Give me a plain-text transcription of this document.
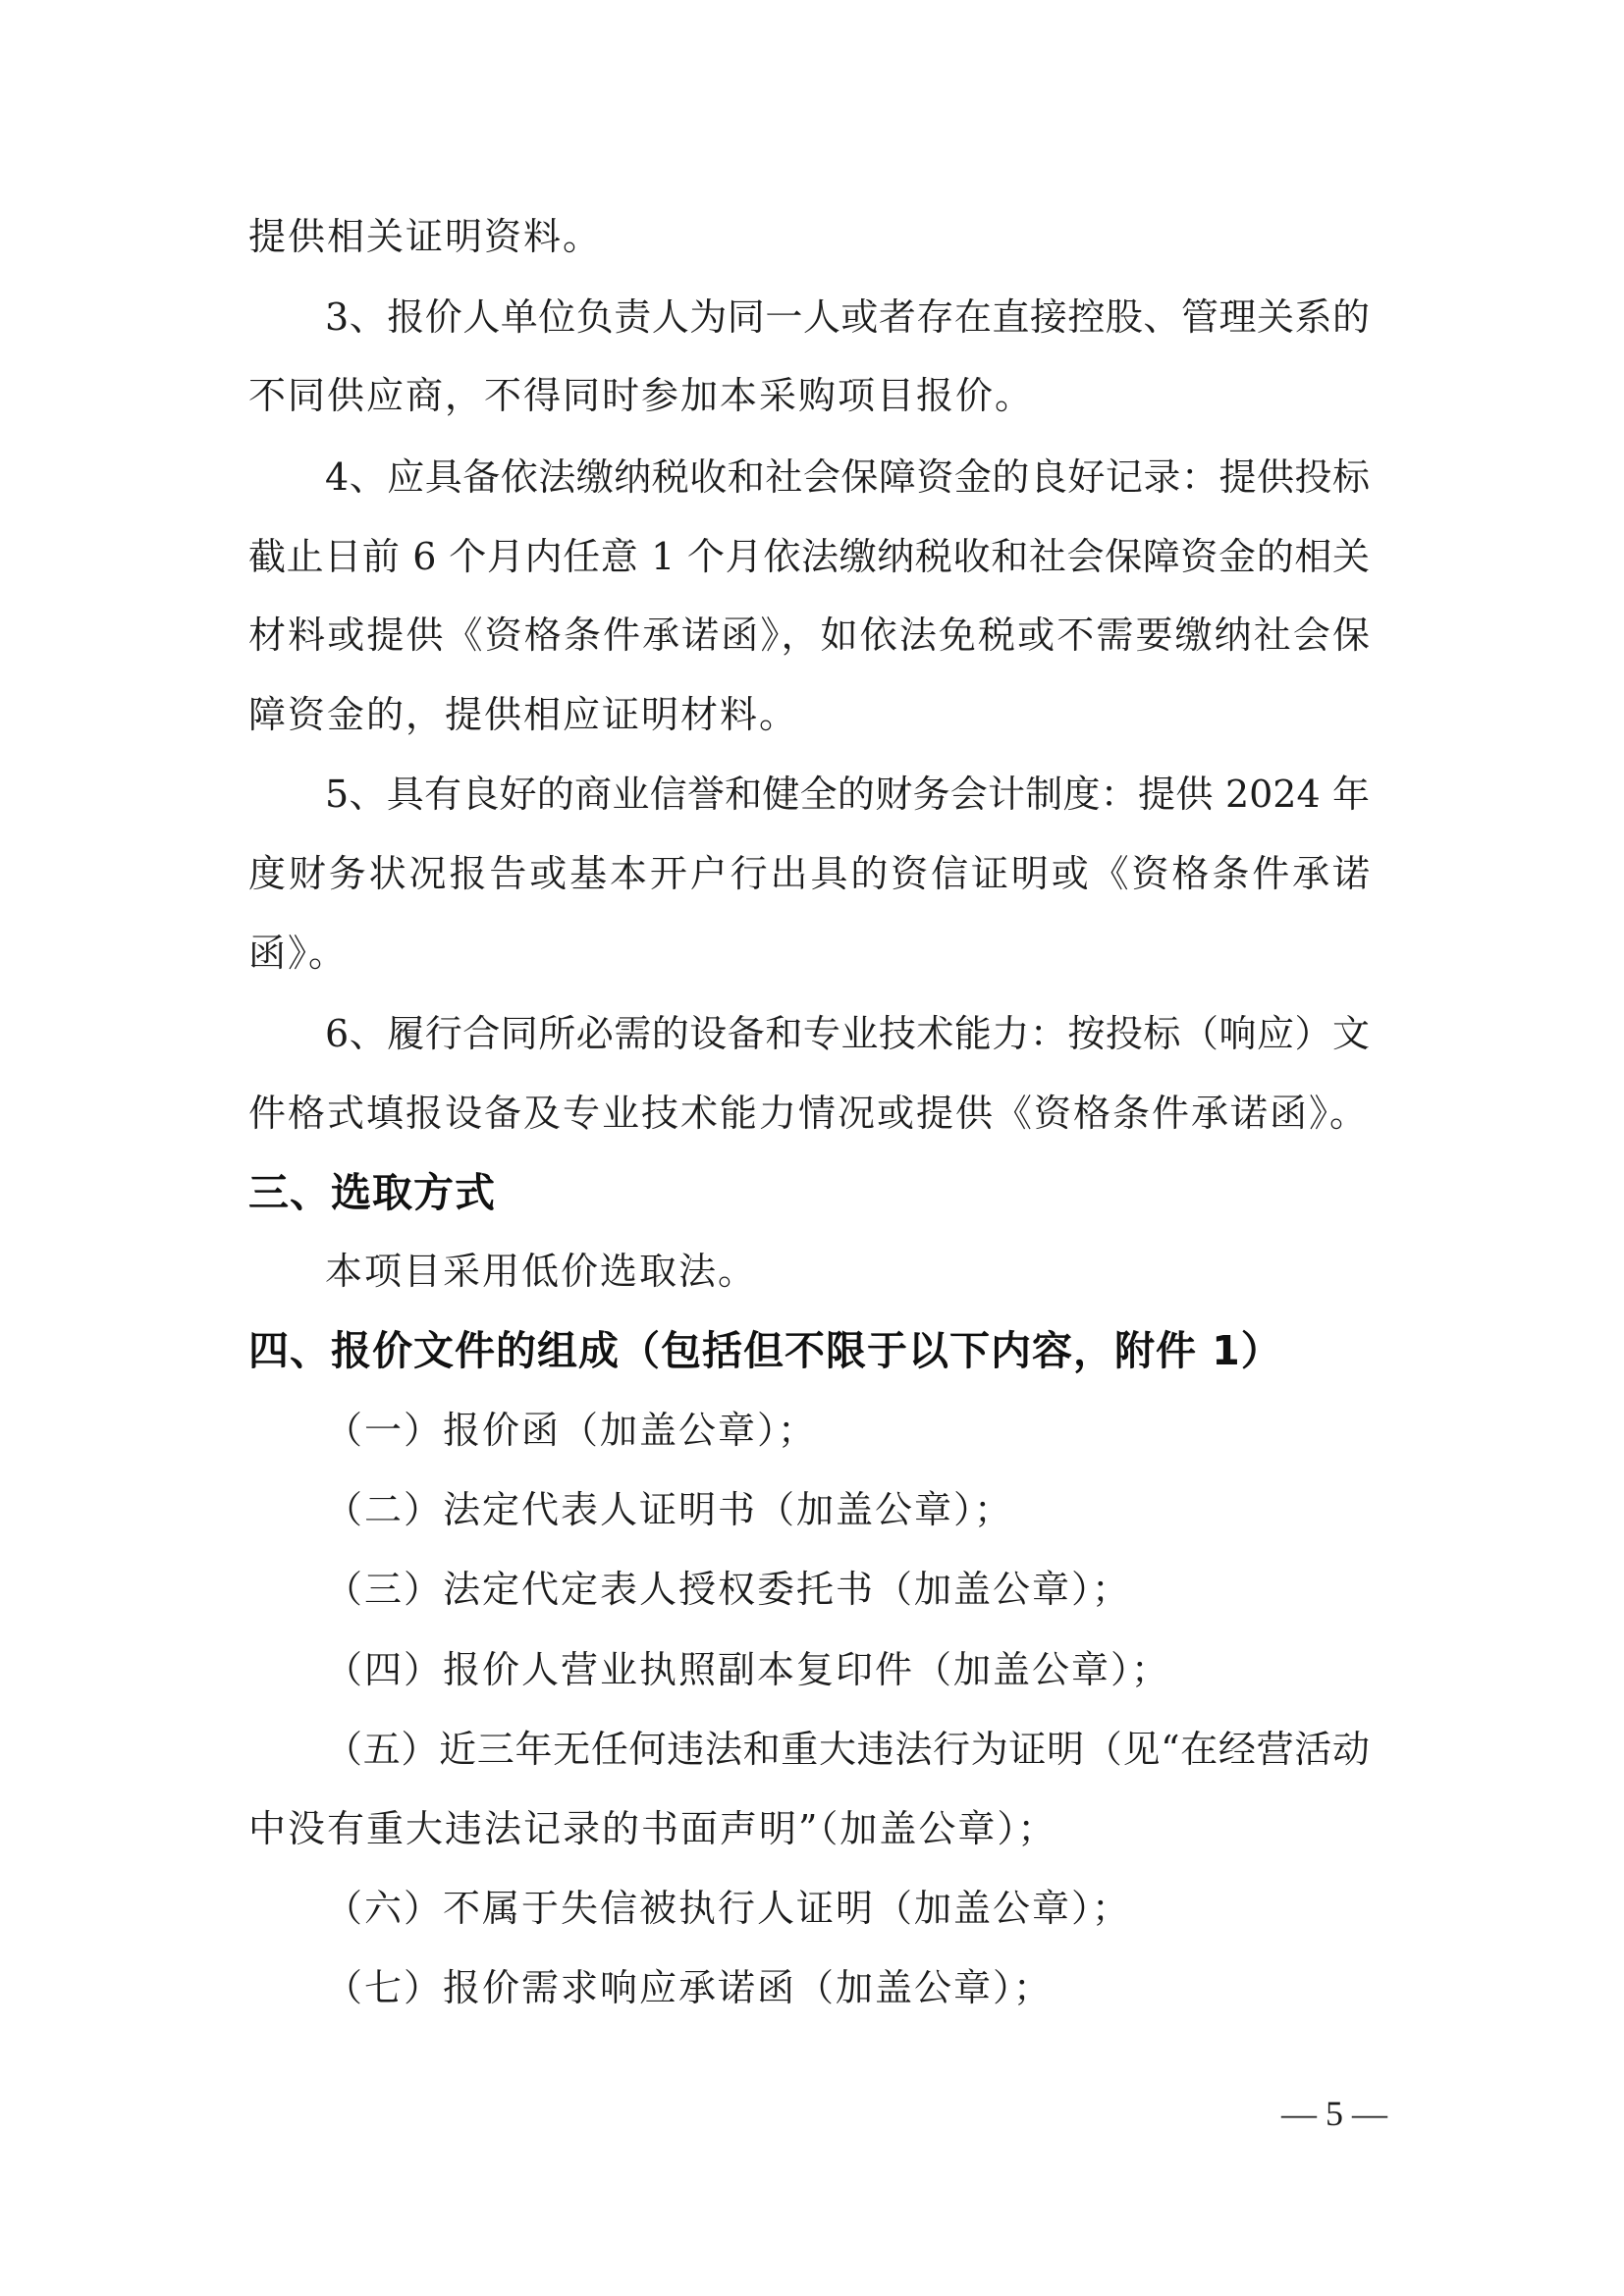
提供相关证明资料。
3、报价人单位负责人为同一人或者存在直接控股、管理关系的
不同供应商，不得同时参加本采购项目报价。
4、应具备依法缴纳税收和社会保障资金的良好记录：提供投标
截止日前 6 个月内任意 1 个月依法缴纳税收和社会保障资金的相关
材料或提供《资格条件承诺函》，如依法免税或不需要缴纳社会保
障资金的，提供相应证明材料。
5、具有良好的商业信誉和健全的财务会计制度：提供 2024 年
度财务状况报告或基本开户行出具的资信证明或《资格条件承诺
函》。
6、履行合同所必需的设备和专业技术能力：按投标（响应）文
件格式填报设备及专业技术能力情况或提供《资格条件承诺函》。
三、选取方式
本项目采用低价选取法。
四、报价文件的组成（包括但不限于以下内容，附件 1）
（一）报价函（加盖公章）；
（二）法定代表人证明书（加盖公章）；
（三）法定代定表人授权委托书（加盖公章）；
（四）报价人营业执照副本复印件（加盖公章）；
（五）近三年无任何违法和重大违法行为证明（见“在经营活动
中没有重大违法记录的书面声明”（加盖公章）；
（六）不属于失信被执行人证明（加盖公章）；
（七）报价需求响应承诺函（加盖公章）；
— 5 —
